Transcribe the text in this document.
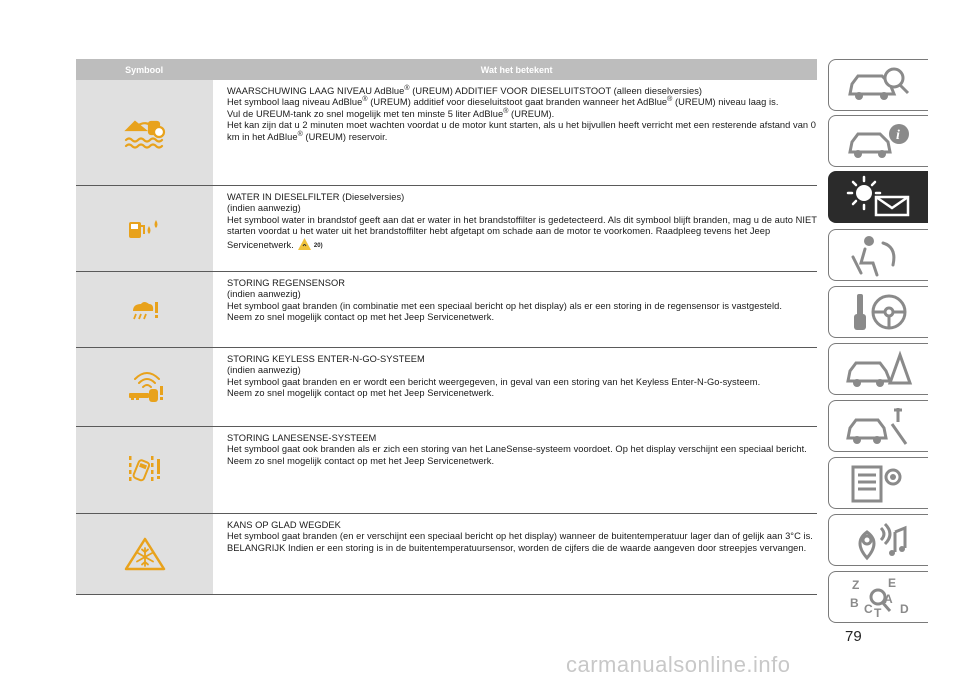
Symbool	Wat het betekent

WAARSCHUWING LAAG NIVEAU AdBlue® (UREUM) ADDITIEF VOOR DIESELUITSTOOT (alleen dieselversies)

Het symbool laag niveau AdBlue® (UREUM) additief voor dieseluitstoot gaat branden wanneer het AdBlue® (UREUM) niveau laag is.

Vul de UREUM-tank zo snel mogelijk met ten minste 5 liter AdBlue® (UREUM).

Het kan zijn dat u 2 minuten moet wachten voordat u de motor kunt starten, als u het bijvullen heeft verricht met een resterende afstand van 0 km in het AdBlue® (UREUM) reservoir.

WATER IN DIESELFILTER (Dieselversies)

(indien aanwezig)

Het symbool water in brandstof geeft aan dat er water in het brandstoffilter is gedetecteerd. Als dit symbool blijft branden, mag u de auto NIET starten voordat u het water uit het brandstoffilter hebt afgetapt om schade aan de motor te voorkomen. Raadpleeg tevens het Jeep Servicenetwerk.	20)

STORING REGENSENSOR

(indien aanwezig)

Het symbool gaat branden (in combinatie met een speciaal bericht op het display) als er een storing in de regensensor is vastgesteld.

Neem zo snel mogelijk contact op met het Jeep Servicenetwerk.

STORING KEYLESS ENTER-N-GO-SYSTEEM

(indien aanwezig)

Het symbool gaat branden en er wordt een bericht weergegeven, in geval van een storing van het Keyless Enter-N-Go-systeem.

Neem zo snel mogelijk contact op met het Jeep Servicenetwerk.

STORING LANESENSE-SYSTEEM

Het symbool gaat ook branden als er zich een storing van het LaneSense-systeem voordoet. Op het display verschijnt een speciaal bericht.

Neem zo snel mogelijk contact op met het Jeep Servicenetwerk.

KANS OP GLAD WEGDEK

Het symbool gaat branden (en er verschijnt een speciaal bericht op het display) wanneer de buitentemperatuur lager dan of gelijk aan 3°C is.

BELANGRIJK Indien er een storing is in de buitentemperatuursensor, worden de cijfers die de waarde aangeven door streepjes vervangen.

i
Z E
B A
C D
T
79
carmanualsonline.info
